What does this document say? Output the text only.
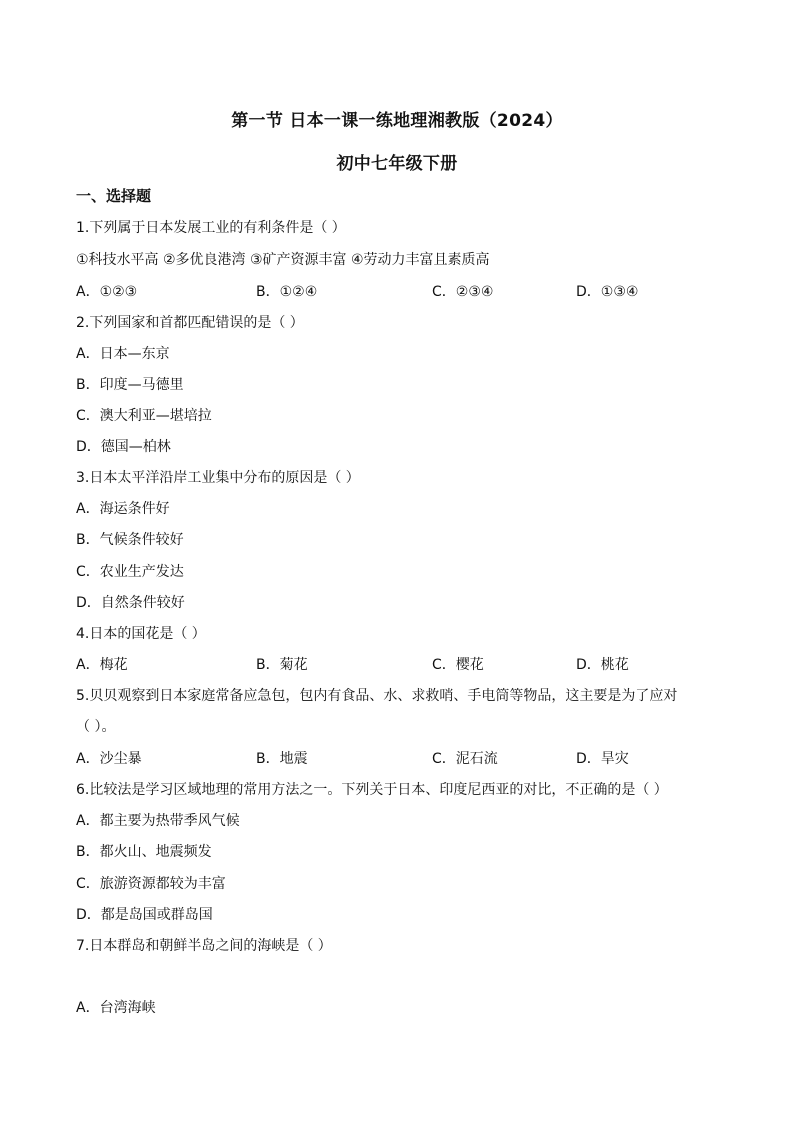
第一节 日本一课一练地理湘教版（2024）
初中七年级下册
一、选择题
1.下列属于日本发展工业的有利条件是（ ）
①科技水平高 ②多优良港湾 ③矿产资源丰富 ④劳动力丰富且素质高
A．①②③	B．①②④	C．②③④	D．①③④
2.下列国家和首都匹配错误的是（ ）
A．日本—东京
B．印度—马德里
C．澳大利亚—堪培拉
D．德国—柏林
3.日本太平洋沿岸工业集中分布的原因是（ ）
A．海运条件好
B．气候条件较好
C．农业生产发达
D．自然条件较好
4.日本的国花是（ ）
A．梅花	B．菊花	C．樱花	D．桃花
5.贝贝观察到日本家庭常备应急包，包内有食品、水、求救哨、手电筒等物品，这主要是为了应对
（ ）。
A．沙尘暴	B．地震	C．泥石流	D．旱灾
6.比较法是学习区域地理的常用方法之一。下列关于日本、印度尼西亚的对比，不正确的是（ ）
A．都主要为热带季风气候
B．都火山、地震频发
C．旅游资源都较为丰富
D．都是岛国或群岛国
7.日本群岛和朝鲜半岛之间的海峡是（ ）
A．台湾海峡
